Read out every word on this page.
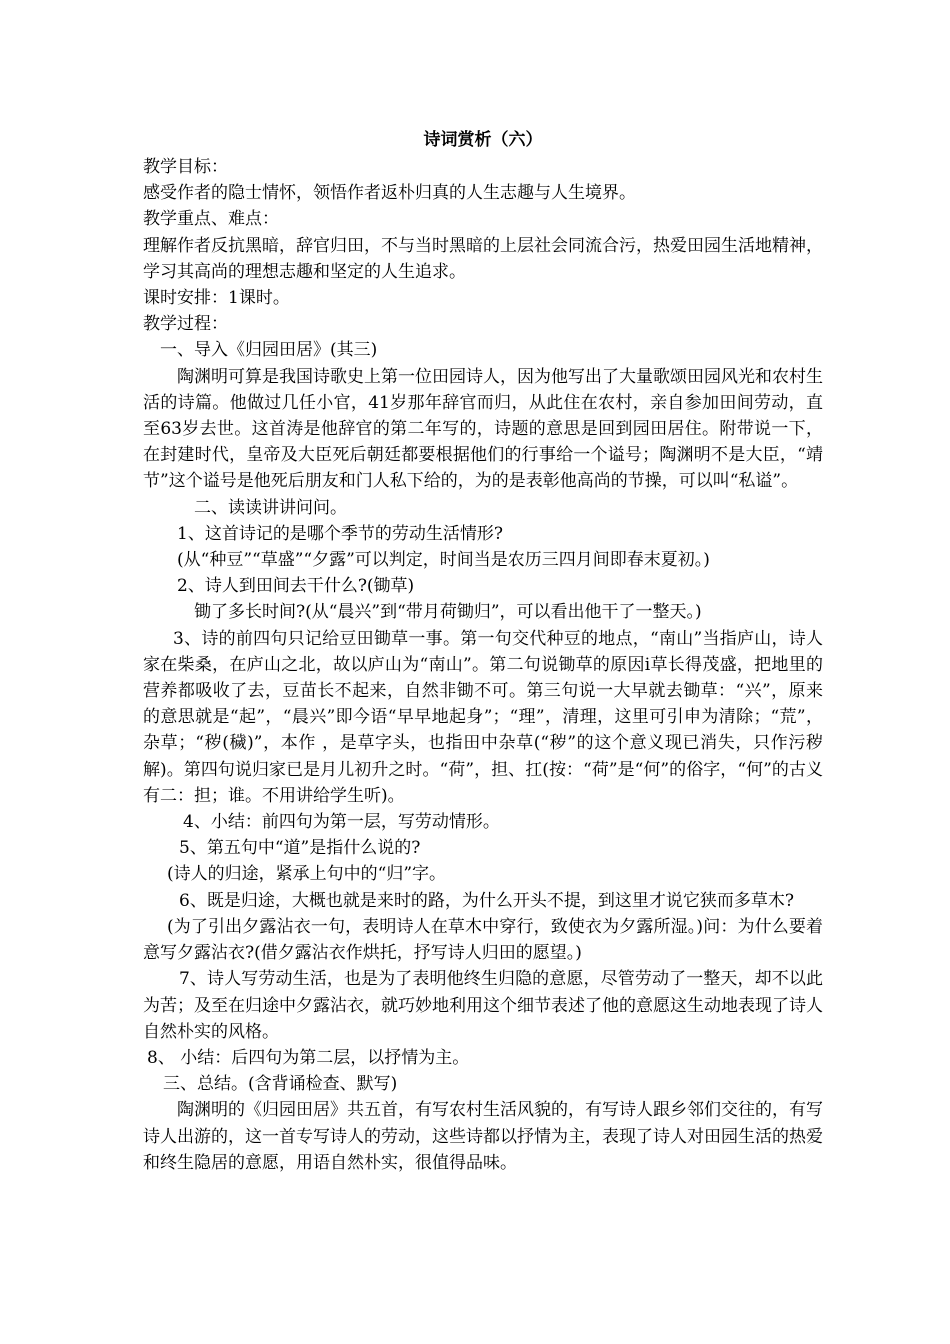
诗词赏析（六）

教学目标：

感受作者的隐士情怀，领悟作者返朴归真的人生志趣与人生境界。

教学重点、难点：

理解作者反抗黑暗，辞官归田，不与当时黑暗的上层社会同流合污，热爱田园生活地精神，学习其高尚的理想志趣和坚定的人生追求。

课时安排：1课时。

教学过程：

一、导入《归园田居》(其三)

陶渊明可算是我国诗歌史上第一位田园诗人，因为他写出了大量歌颂田园风光和农村生活的诗篇。他做过几任小官，41岁那年辞官而归，从此住在农村，亲自参加田间劳动，直至63岁去世。这首涛是他辞官的第二年写的，诗题的意思是回到园田居住。附带说一下，在封建时代，皇帝及大臣死后朝廷都要根据他们的行事给一个谥号；陶渊明不是大臣，“靖节”这个谥号是他死后朋友和门人私下给的，为的是表彰他高尚的节操，可以叫“私谥”。

二、读读讲讲问问。

1、这首诗记的是哪个季节的劳动生活情形?

(从“种豆”“草盛”“夕露”可以判定，时间当是农历三四月间即春末夏初。)

2、诗人到田间去干什么?(锄草)

锄了多长时间?(从“晨兴”到“带月荷锄归”，可以看出他干了一整天。)

3、诗的前四句只记给豆田锄草一事。第一句交代种豆的地点，“南山”当指庐山，诗人家在柴桑，在庐山之北，故以庐山为“南山”。第二句说锄草的原因i草长得茂盛，把地里的营养都吸收了去，豆苗长不起来，自然非锄不可。第三句说一大早就去锄草：“兴”，原来的意思就是“起”，“晨兴”即今语“早早地起身”；“理”，清理，这里可引申为清除；“荒”，杂草；“秽(穢)”，本作 ，是草字头，也指田中杂草(“秽”的这个意义现已消失，只作污秽解)。第四句说归家已是月儿初升之时。“荷”，担、扛(按：“荷”是“何”的俗字，“何”的古义有二：担；谁。不用讲给学生听)。

4、小结：前四句为第一层，写劳动情形。

5、第五句中“道”是指什么说的?

(诗人的归途，紧承上句中的“归”字。

6、既是归途，大概也就是来时的路，为什么开头不提，到这里才说它狭而多草木?

(为了引出夕露沾衣一句，表明诗人在草木中穿行，致使衣为夕露所湿。)问：为什么要着意写夕露沾衣?(借夕露沾衣作烘托，抒写诗人归田的愿望。)

7、诗人写劳动生活，也是为了表明他终生归隐的意愿，尽管劳动了一整天，却不以此为苦；及至在归途中夕露沾衣，就巧妙地利用这个细节表述了他的意愿这生动地表现了诗人自然朴实的风格。

8、 小结：后四句为第二层，以抒情为主。

三、总结。(含背诵检查、默写)

陶渊明的《归园田居》共五首，有写农村生活风貌的，有写诗人跟乡邻们交往的，有写诗人出游的，这一首专写诗人的劳动，这些诗都以抒情为主，表现了诗人对田园生活的热爱和终生隐居的意愿，用语自然朴实，很值得品味。
